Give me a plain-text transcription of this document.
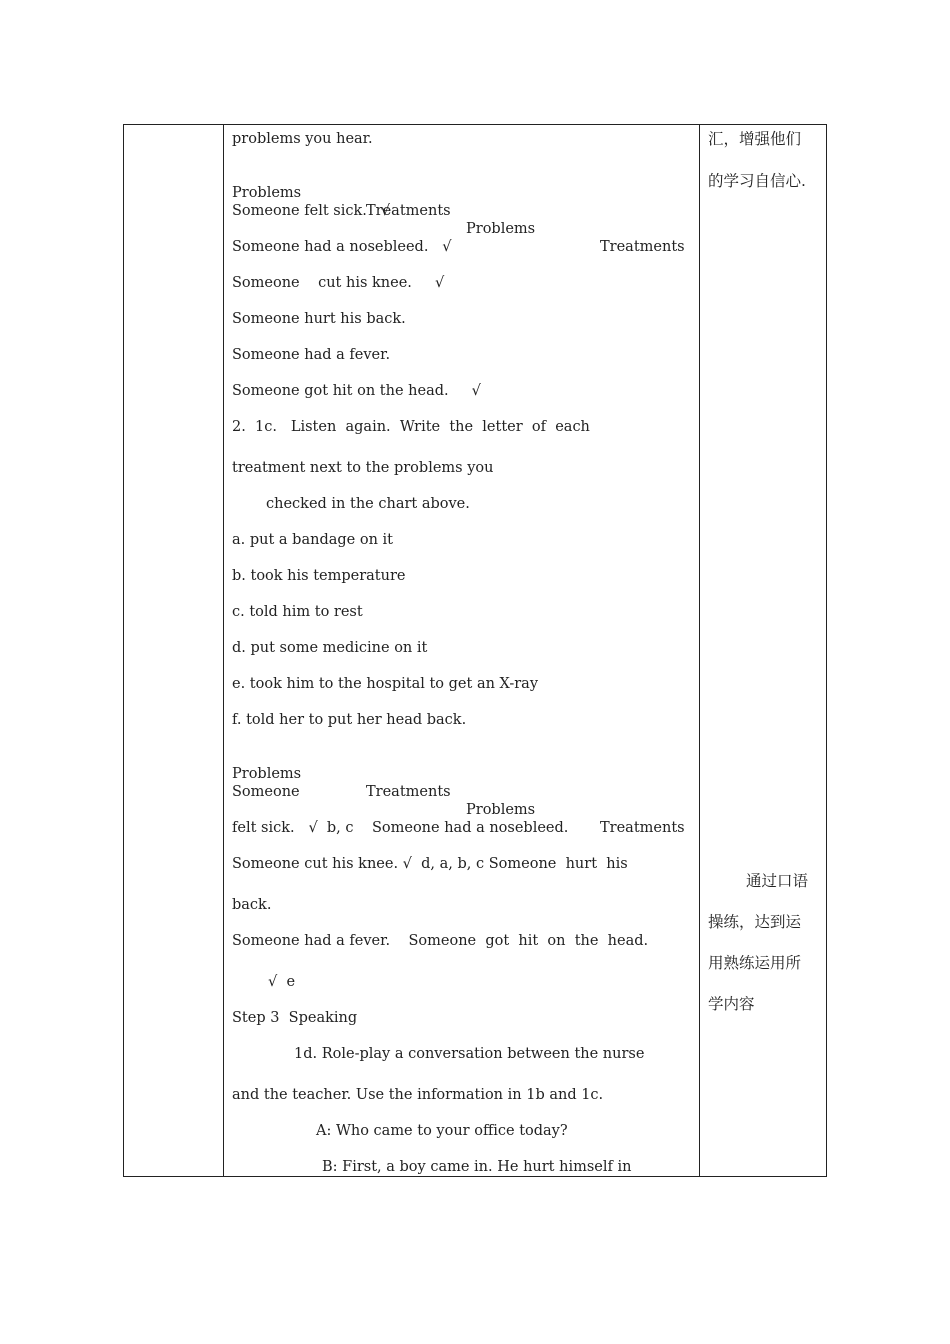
problems you hear.

Problems

Treatments

Problems

Treatments

Someone felt sick.   √
Someone had a nosebleed.   √
Someone    cut his knee.     √
Someone hurt his back.
Someone had a fever.
Someone got hit on the head.     √
2.  1c.   Listen  again.  Write  the  letter  of  each
treatment next to the problems you
checked in the chart above.
a. put a bandage on it
b. took his temperature
c. told him to rest
d. put some medicine on it
e. took him to the hospital to get an X-ray
f. told her to put her head back.

Problems

Treatments

Problems

Treatments

Someone
felt sick.   √  b, c    Someone had a nosebleed.
Someone cut his knee. √  d, a, b, c Someone  hurt  his
back.
Someone had a fever.    Someone  got  hit  on  the  head.
√  e
Step 3  Speaking
1d. Role-play a conversation between the nurse
and the teacher. Use the information in 1b and 1c.
A: Who came to your office today?
B: First, a boy came in. He hurt himself in
汇，增强他们
的学习自信心.
通过口语
操练，达到运
用熟练运用所
学内容
